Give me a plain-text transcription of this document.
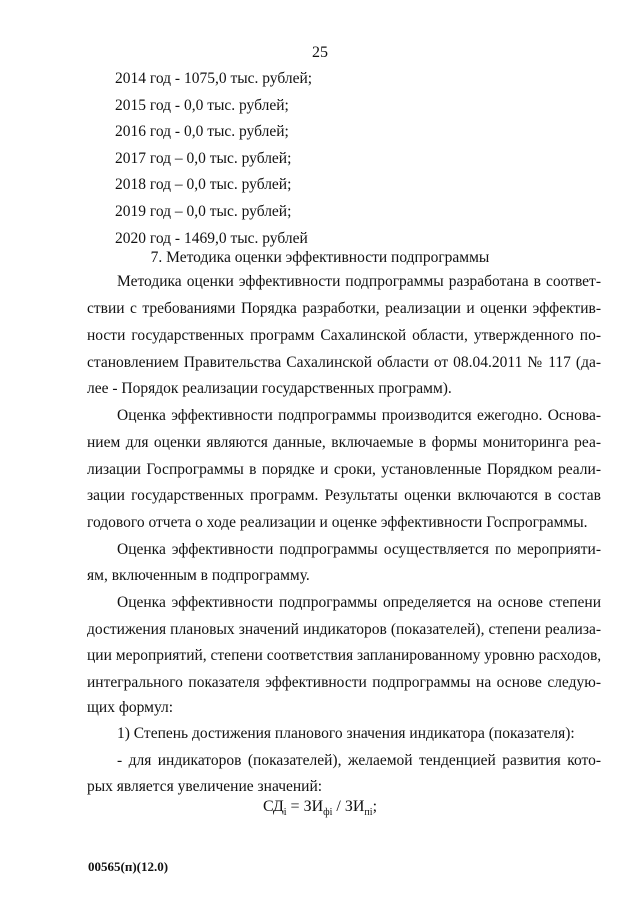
25
2014 год - 1075,0 тыс. рублей;
2015 год - 0,0 тыс. рублей;
2016 год - 0,0 тыс. рублей;
2017 год – 0,0 тыс. рублей;
2018 год – 0,0 тыс. рублей;
2019 год – 0,0 тыс. рублей;
2020 год - 1469,0 тыс. рублей
7. Методика оценки эффективности подпрограммы
Методика оценки эффективности подпрограммы разработана в соответ-
ствии с требованиями Порядка разработки, реализации и оценки эффектив-
ности государственных программ Сахалинской области, утвержденного по-
становлением Правительства Сахалинской области от 08.04.2011 № 117 (да-
лее - Порядок реализации государственных программ).
Оценка эффективности подпрограммы производится ежегодно. Основа-
нием для оценки являются данные, включаемые в формы мониторинга реа-
лизации Госпрограммы в порядке и сроки, установленные Порядком реали-
зации государственных программ. Результаты оценки включаются в состав
годового отчета о ходе реализации и оценке эффективности Госпрограммы.
Оценка эффективности подпрограммы осуществляется по мероприяти-
ям, включенным в подпрограмму.
Оценка эффективности подпрограммы определяется на основе степени
достижения плановых значений индикаторов (показателей), степени реализа-
ции мероприятий, степени соответствия запланированному уровню расходов,
интегрального показателя эффективности подпрограммы на основе следую-
щих формул:
1) Степень достижения планового значения индикатора (показателя):
- для индикаторов (показателей), желаемой тенденцией развития кото-
рых является увеличение значений:
$СД_i = ЗИ_{фi} / ЗИ_{пi}$;
00565(п)(12.0)
